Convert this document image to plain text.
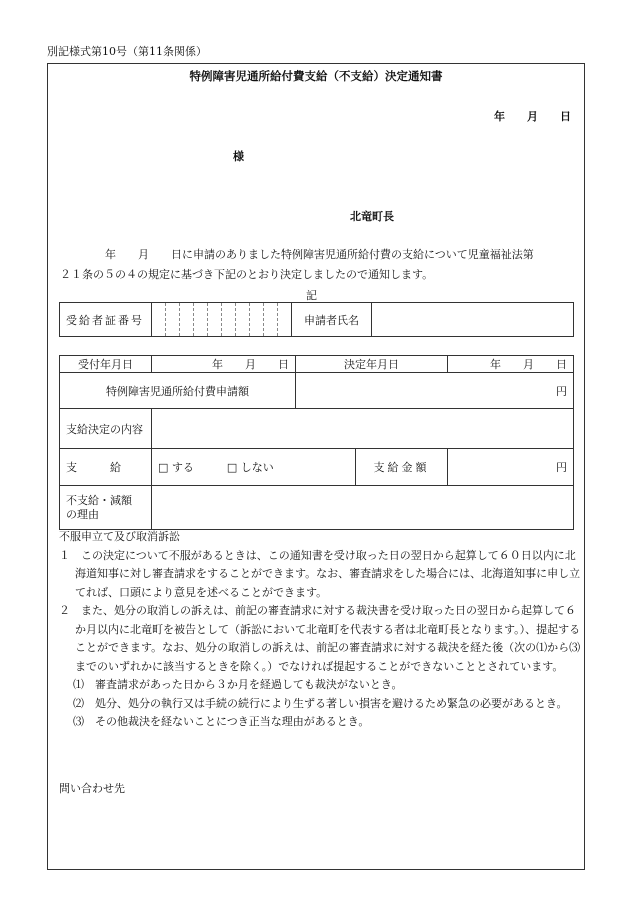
別記様式第10号（第11条関係）
特例障害児通所給付費支給（不支給）決定通知書
年　　月　　日
様
北竜町長
年　　月　　日に申請のありました特例障害児通所給付費の支給について児童福祉法第
２１条の５の４の規定に基づき下記のとおり決定しましたので通知します。
記
受給者証番号											申請者氏名	
受付年月日	年　　月　　日	決定年月日		年　　月　　日
特例障害児通所給付費申請額		円		
支給決定の内容				
支　　　給	□ する □ しない		支給金額	円
不支給・減額
の理由				

不服申立て及び取消訴訟

１　この決定について不服があるときは、この通知書を受け取った日の翌日から起算して６０日以内に北海道知事に対し審査請求をすることができます。なお、審査請求をした場合には、北海道知事に申し立てれば、口頭により意見を述べることができます。

２　また、処分の取消しの訴えは、前記の審査請求に対する裁決書を受け取った日の翌日から起算して６か月以内に北竜町を被告として（訴訟において北竜町を代表する者は北竜町長となります。）、提起することができます。なお、処分の取消しの訴えは、前記の審査請求に対する裁決を経た後（次の⑴から⑶までのいずれかに該当するときを除く。）でなければ提起することができないこととされています。

⑴　審査請求があった日から３か月を経過しても裁決がないとき。

⑵　処分、処分の執行又は手続の続行により生ずる著しい損害を避けるため緊急の必要があるとき。

⑶　その他裁決を経ないことにつき正当な理由があるとき。

問い合わせ先
